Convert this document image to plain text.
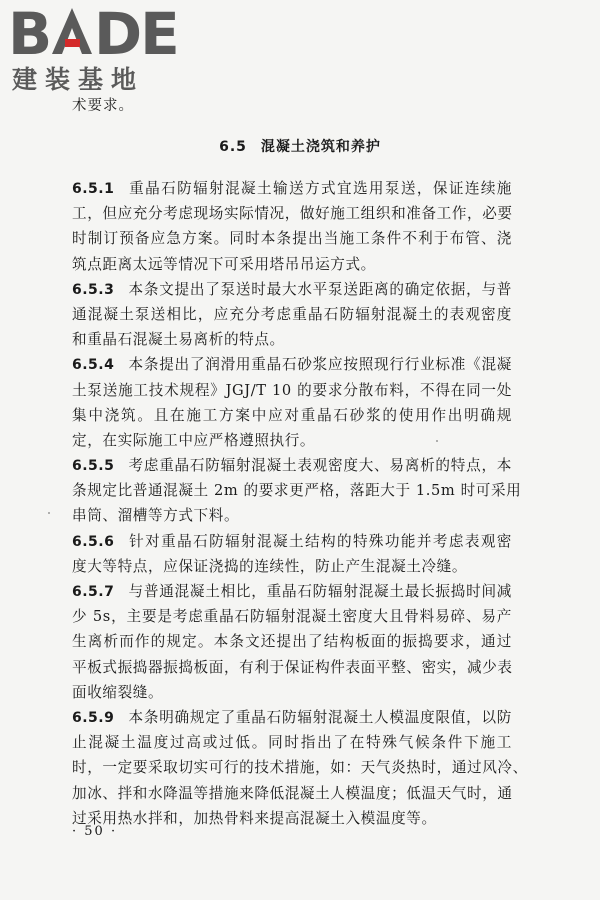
B DE
建装基地
术要求。
6.5 混凝土浇筑和养护
6.5.1 重晶石防辐射混凝土输送方式宜选用泵送，保证连续施
工，但应充分考虑现场实际情况，做好施工组织和准备工作，必要
时制订预备应急方案。同时本条提出当施工条件不利于布管、浇
筑点距离太远等情况下可采用塔吊吊运方式。
6.5.3 本条文提出了泵送时最大水平泵送距离的确定依据，与普
通混凝土泵送相比，应充分考虑重晶石防辐射混凝土的表观密度
和重晶石混凝土易离析的特点。
6.5.4 本条提出了润滑用重晶石砂浆应按照现行行业标准《混凝
土泵送施工技术规程》JGJ/T 10 的要求分散布料，不得在同一处
集中浇筑。且在施工方案中应对重晶石砂浆的使用作出明确规
定，在实际施工中应严格遵照执行。
6.5.5 考虑重晶石防辐射混凝土表观密度大、易离析的特点，本
条规定比普通混凝土 2m 的要求更严格，落距大于 1.5m 时可采用
串筒、溜槽等方式下料。
6.5.6 针对重晶石防辐射混凝土结构的特殊功能并考虑表观密
度大等特点，应保证浇捣的连续性，防止产生混凝土冷缝。
6.5.7 与普通混凝土相比，重晶石防辐射混凝土最长振捣时间减
少 5s，主要是考虑重晶石防辐射混凝土密度大且骨料易碎、易产
生离析而作的规定。本条文还提出了结构板面的振捣要求，通过
平板式振捣器振捣板面，有利于保证构件表面平整、密实，减少表
面收缩裂缝。
6.5.9 本条明确规定了重晶石防辐射混凝土人模温度限值，以防
止混凝土温度过高或过低。同时指出了在特殊气候条件下施工
时，一定要采取切实可行的技术措施，如：天气炎热时，通过风冷、
加冰、拌和水降温等措施来降低混凝土人模温度；低温天气时，通
过采用热水拌和，加热骨料来提高混凝土入模温度等。
· 50 ·
